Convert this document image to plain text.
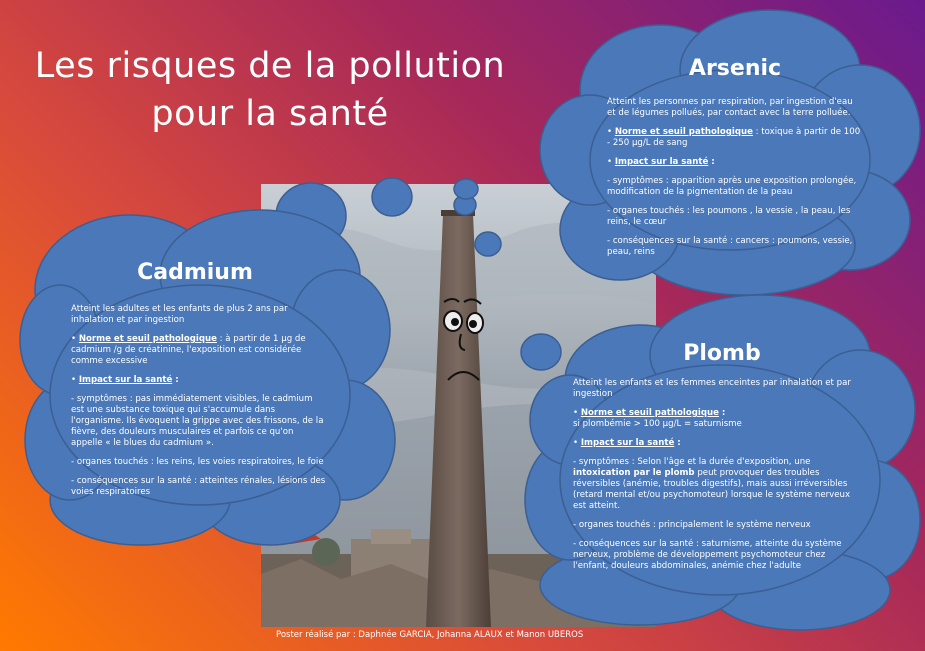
Les risques de la pollution
pour la santé
Arsenic

Atteint les personnes par respiration, par ingestion d'eau et de légumes pollués, par contact avec la terre polluée.

• Norme et seuil pathologique : toxique à partir de 100 - 250 µg/L de sang

• Impact sur la santé :

- symptômes : apparition après une exposition prolongée, modification de la pigmentation de la peau

- organes touchés : les poumons , la vessie , la peau, les reins, le cœur

- conséquences sur la santé : cancers : poumons, vessie, peau, reins

Cadmium

Atteint les adultes et les enfants de plus 2 ans par inhalation et par ingestion

• Norme et seuil pathologique : à partir de 1 µg de cadmium /g de créatinine, l'exposition est considérée comme excessive

• Impact sur la santé :

- symptômes : pas immédiatement visibles, le cadmium est une substance toxique qui s'accumule dans l'organisme. Ils évoquent la grippe avec des frissons, de la fièvre, des douleurs musculaires et parfois ce qu'on appelle « le blues du cadmium ».

- organes touchés : les reins, les voies respiratoires, le foie

- conséquences sur la santé : atteintes rénales, lésions des voies respiratoires

Plomb

Atteint les enfants et les femmes enceintes par inhalation et par ingestion

• Norme et seuil pathologique :
si plombémie > 100 µg/L = saturnisme

• Impact sur la santé :

- symptômes : Selon l'âge et la durée d'exposition, une intoxication par le plomb peut provoquer des troubles réversibles (anémie, troubles digestifs), mais aussi irréversibles (retard mental et/ou psychomoteur) lorsque le système nerveux est atteint.

- organes touchés : principalement le système nerveux

- conséquences sur la santé : saturnisme, atteinte du système nerveux, problème de développement psychomoteur chez l'enfant, douleurs abdominales, anémie chez l'adulte

Poster réalisé par : Daphnée GARCIA, Johanna ALAUX et Manon UBEROS
